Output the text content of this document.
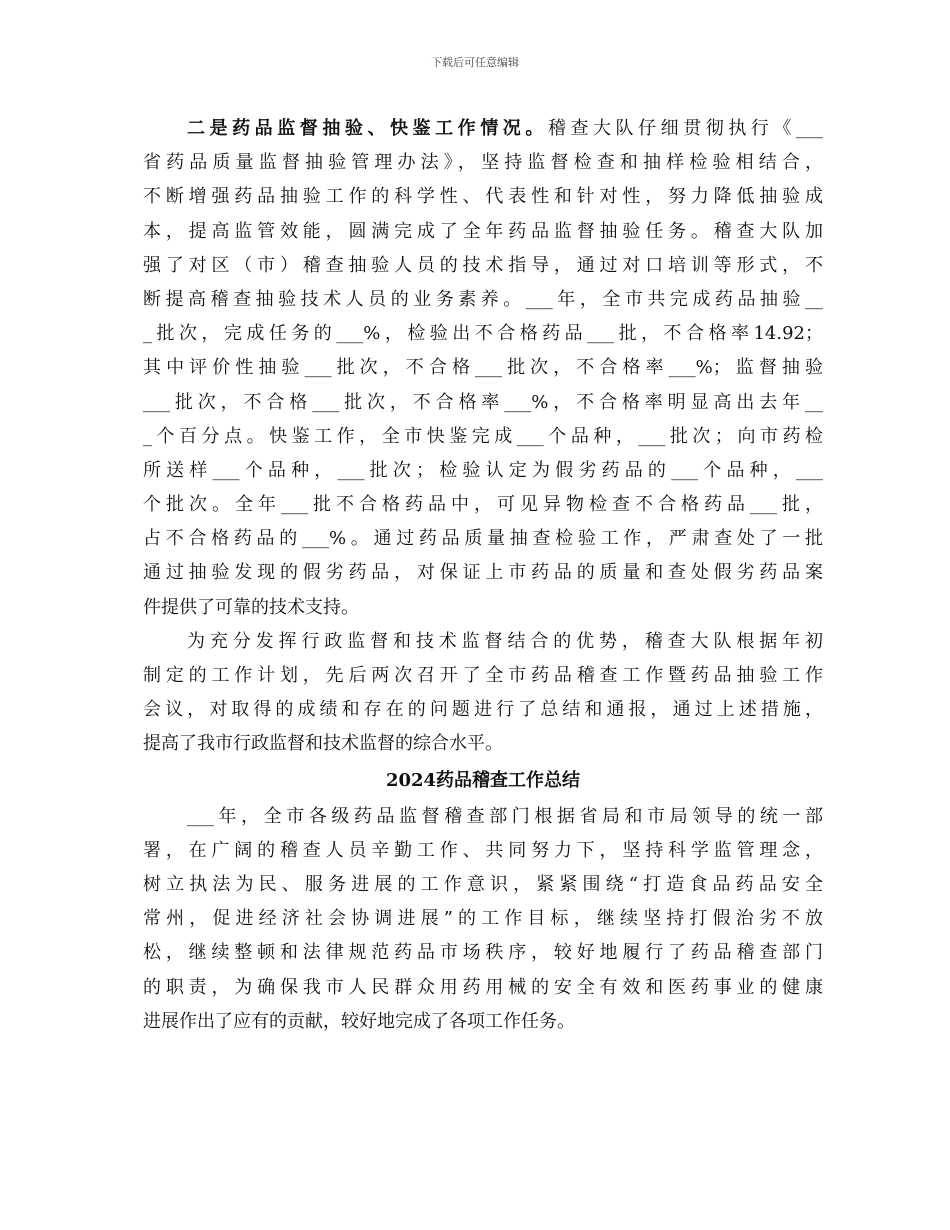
下载后可任意编辑
二是药品监督抽验、快鉴工作情况。稽查大队仔细贯彻执行《___
省药品质量监督抽验管理办法》，坚持监督检查和抽样检验相结合，
不断增强药品抽验工作的科学性、代表性和针对性，努力降低抽验成
本，提高监管效能，圆满完成了全年药品监督抽验任务。稽查大队加
强了对区（市）稽查抽验人员的技术指导，通过对口培训等形式，不
断提高稽查抽验技术人员的业务素养。___年，全市共完成药品抽验__
_批次，完成任务的___%，检验出不合格药品___批，不合格率14.92；
其中评价性抽验___批次，不合格___批次，不合格率___%；监督抽验
___批次，不合格___批次，不合格率___%，不合格率明显高出去年__
_个百分点。快鉴工作，全市快鉴完成___个品种，___批次；向市药检
所送样___个品种，___批次；检验认定为假劣药品的___个品种，___
个批次。全年___批不合格药品中，可见异物检查不合格药品___批，
占不合格药品的___%。通过药品质量抽查检验工作，严肃查处了一批
通过抽验发现的假劣药品，对保证上市药品的质量和查处假劣药品案
件提供了可靠的技术支持。
为充分发挥行政监督和技术监督结合的优势，稽查大队根据年初
制定的工作计划，先后两次召开了全市药品稽查工作暨药品抽验工作
会议，对取得的成绩和存在的问题进行了总结和通报，通过上述措施，
提高了我市行政监督和技术监督的综合水平。
2024药品稽查工作总结
___年，全市各级药品监督稽查部门根据省局和市局领导的统一部
署，在广阔的稽查人员辛勤工作、共同努力下，坚持科学监管理念，
树立执法为民、服务进展的工作意识，紧紧围绕“打造食品药品安全
常州，促进经济社会协调进展”的工作目标，继续坚持打假治劣不放
松，继续整顿和法律规范药品市场秩序，较好地履行了药品稽查部门
的职责，为确保我市人民群众用药用械的安全有效和医药事业的健康
进展作出了应有的贡献，较好地完成了各项工作任务。
